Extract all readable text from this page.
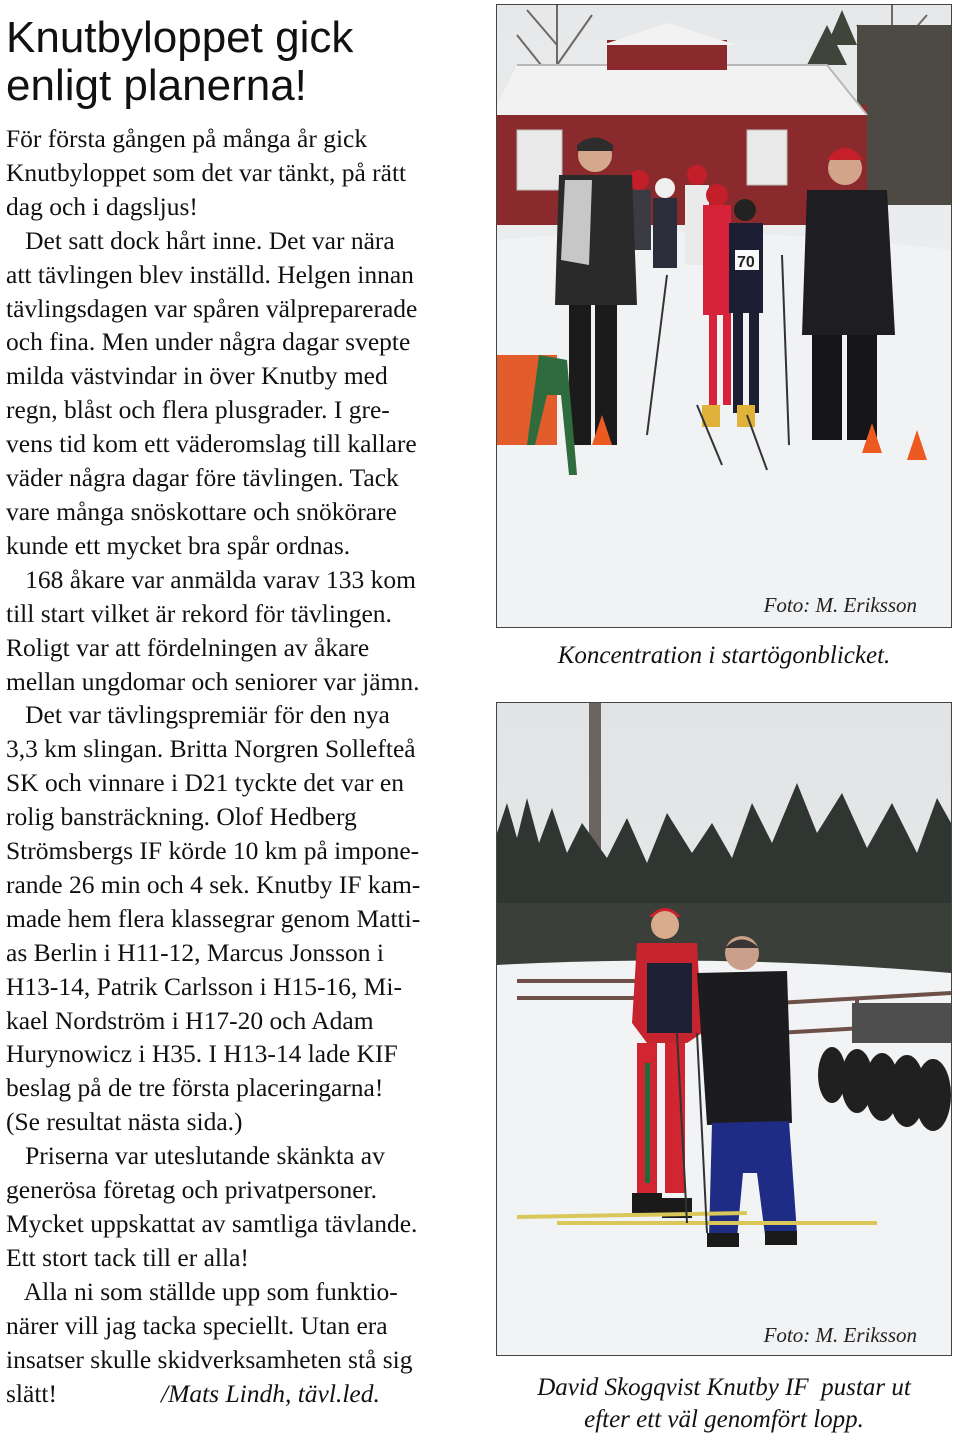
Knutbyloppet gick
enligt planerna!
För första gången på många år gick
Knutbyloppet som det var tänkt, på rätt
dag och i dagsljus!
Det satt dock hårt inne. Det var nära
att tävlingen blev inställd. Helgen innan
tävlingsdagen var spåren välpreparerade
och fina. Men under några dagar svepte
milda västvindar in över Knutby med
regn, blåst och flera plusgrader. I gre-
vens tid kom ett väderomslag till kallare
väder några dagar före tävlingen. Tack
vare många snöskottare och snökörare
kunde ett mycket bra spår ordnas.
168 åkare var anmälda varav 133 kom
till start vilket är rekord för tävlingen.
Roligt var att fördelningen av åkare
mellan ungdomar och seniorer var jämn.
Det var tävlingspremiär för den nya
3,3 km slingan. Britta Norgren Sollefteå
SK och vinnare i D21 tyckte det var en
rolig bansträckning. Olof Hedberg
Strömsbergs IF körde 10 km på impone-
rande 26 min och 4 sek. Knutby IF kam-
made hem flera klassegrar genom Matti-
as Berlin i H11-12, Marcus Jonsson i
H13-14, Patrik Carlsson i H15-16, Mi-
kael Nordström i H17-20 och Adam
Hurynowicz i H35. I H13-14 lade KIF
beslag på de tre första placeringarna!
(Se resultat nästa sida.)
Priserna var uteslutande skänkta av
generösa företag och privatpersoner.
Mycket uppskattat av samtliga tävlande.
Ett stort tack till er alla!
Alla ni som ställde upp som funktio-
närer vill jag tacka speciellt. Utan era
insatser skulle skidverksamheten stå sig
slätt!	/Mats Lindh, tävl.led.
70
Foto: M. Eriksson
Koncentration i startögonblicket.
Foto: M. Eriksson
David Skogqvist Knutby IF  pustar ut
efter ett väl genomfört lopp.
